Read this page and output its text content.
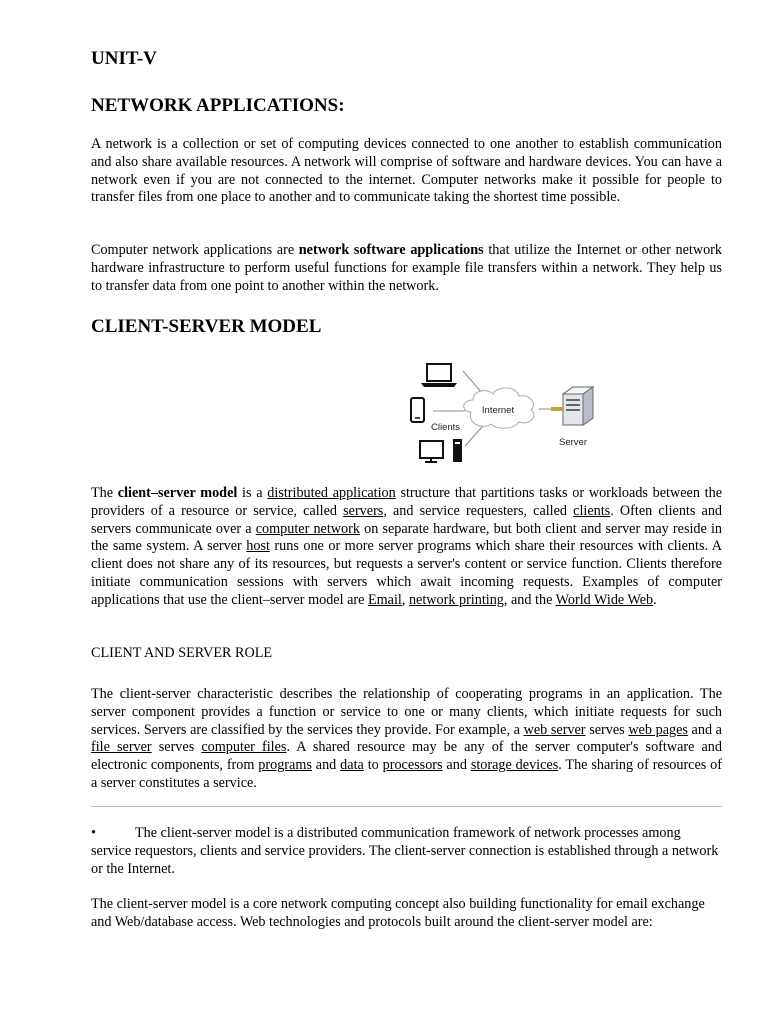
UNIT-V
NETWORK APPLICATIONS:

A network is a collection or set of computing devices connected to one another to establish communication and also share available resources. A network will comprise of software and hardware devices. You can have a network even if you are not connected to the internet. Computer networks make it possible for people to transfer files from one place to another and to communicate taking the shortest time possible.

Computer network applications are network software applications that utilize the Internet or other network hardware infrastructure to perform useful functions for example file transfers within a network. They help us to transfer data from one point to another within the network.

CLIENT-SERVER MODEL
Internet
Clients
Server

The client–server model is a distributed application structure that partitions tasks or workloads between the providers of a resource or service, called servers, and service requesters, called clients. Often clients and servers communicate over a computer network on separate hardware, but both client and server may reside in the same system. A server host runs one or more server programs which share their resources with clients. A client does not share any of its resources, but requests a server's content or service function. Clients therefore initiate communication sessions with servers which await incoming requests. Examples of computer applications that use the client–server model are Email, network printing, and the World Wide Web.

CLIENT AND SERVER ROLE

The client-server characteristic describes the relationship of cooperating programs in an application. The server component provides a function or service to one or many clients, which initiate requests for such services. Servers are classified by the services they provide. For example, a web server serves web pages and a file server serves computer files. A shared resource may be any of the server computer's software and electronic components, from programs and data to processors and storage devices. The sharing of resources of a server constitutes a service.

•	The client-server model is a distributed communication framework of network processes among service requestors, clients and service providers. The client-server connection is established through a network or the Internet.

The client-server model is a core network computing concept also building functionality for email exchange and Web/database access. Web technologies and protocols built around the client-server model are:
